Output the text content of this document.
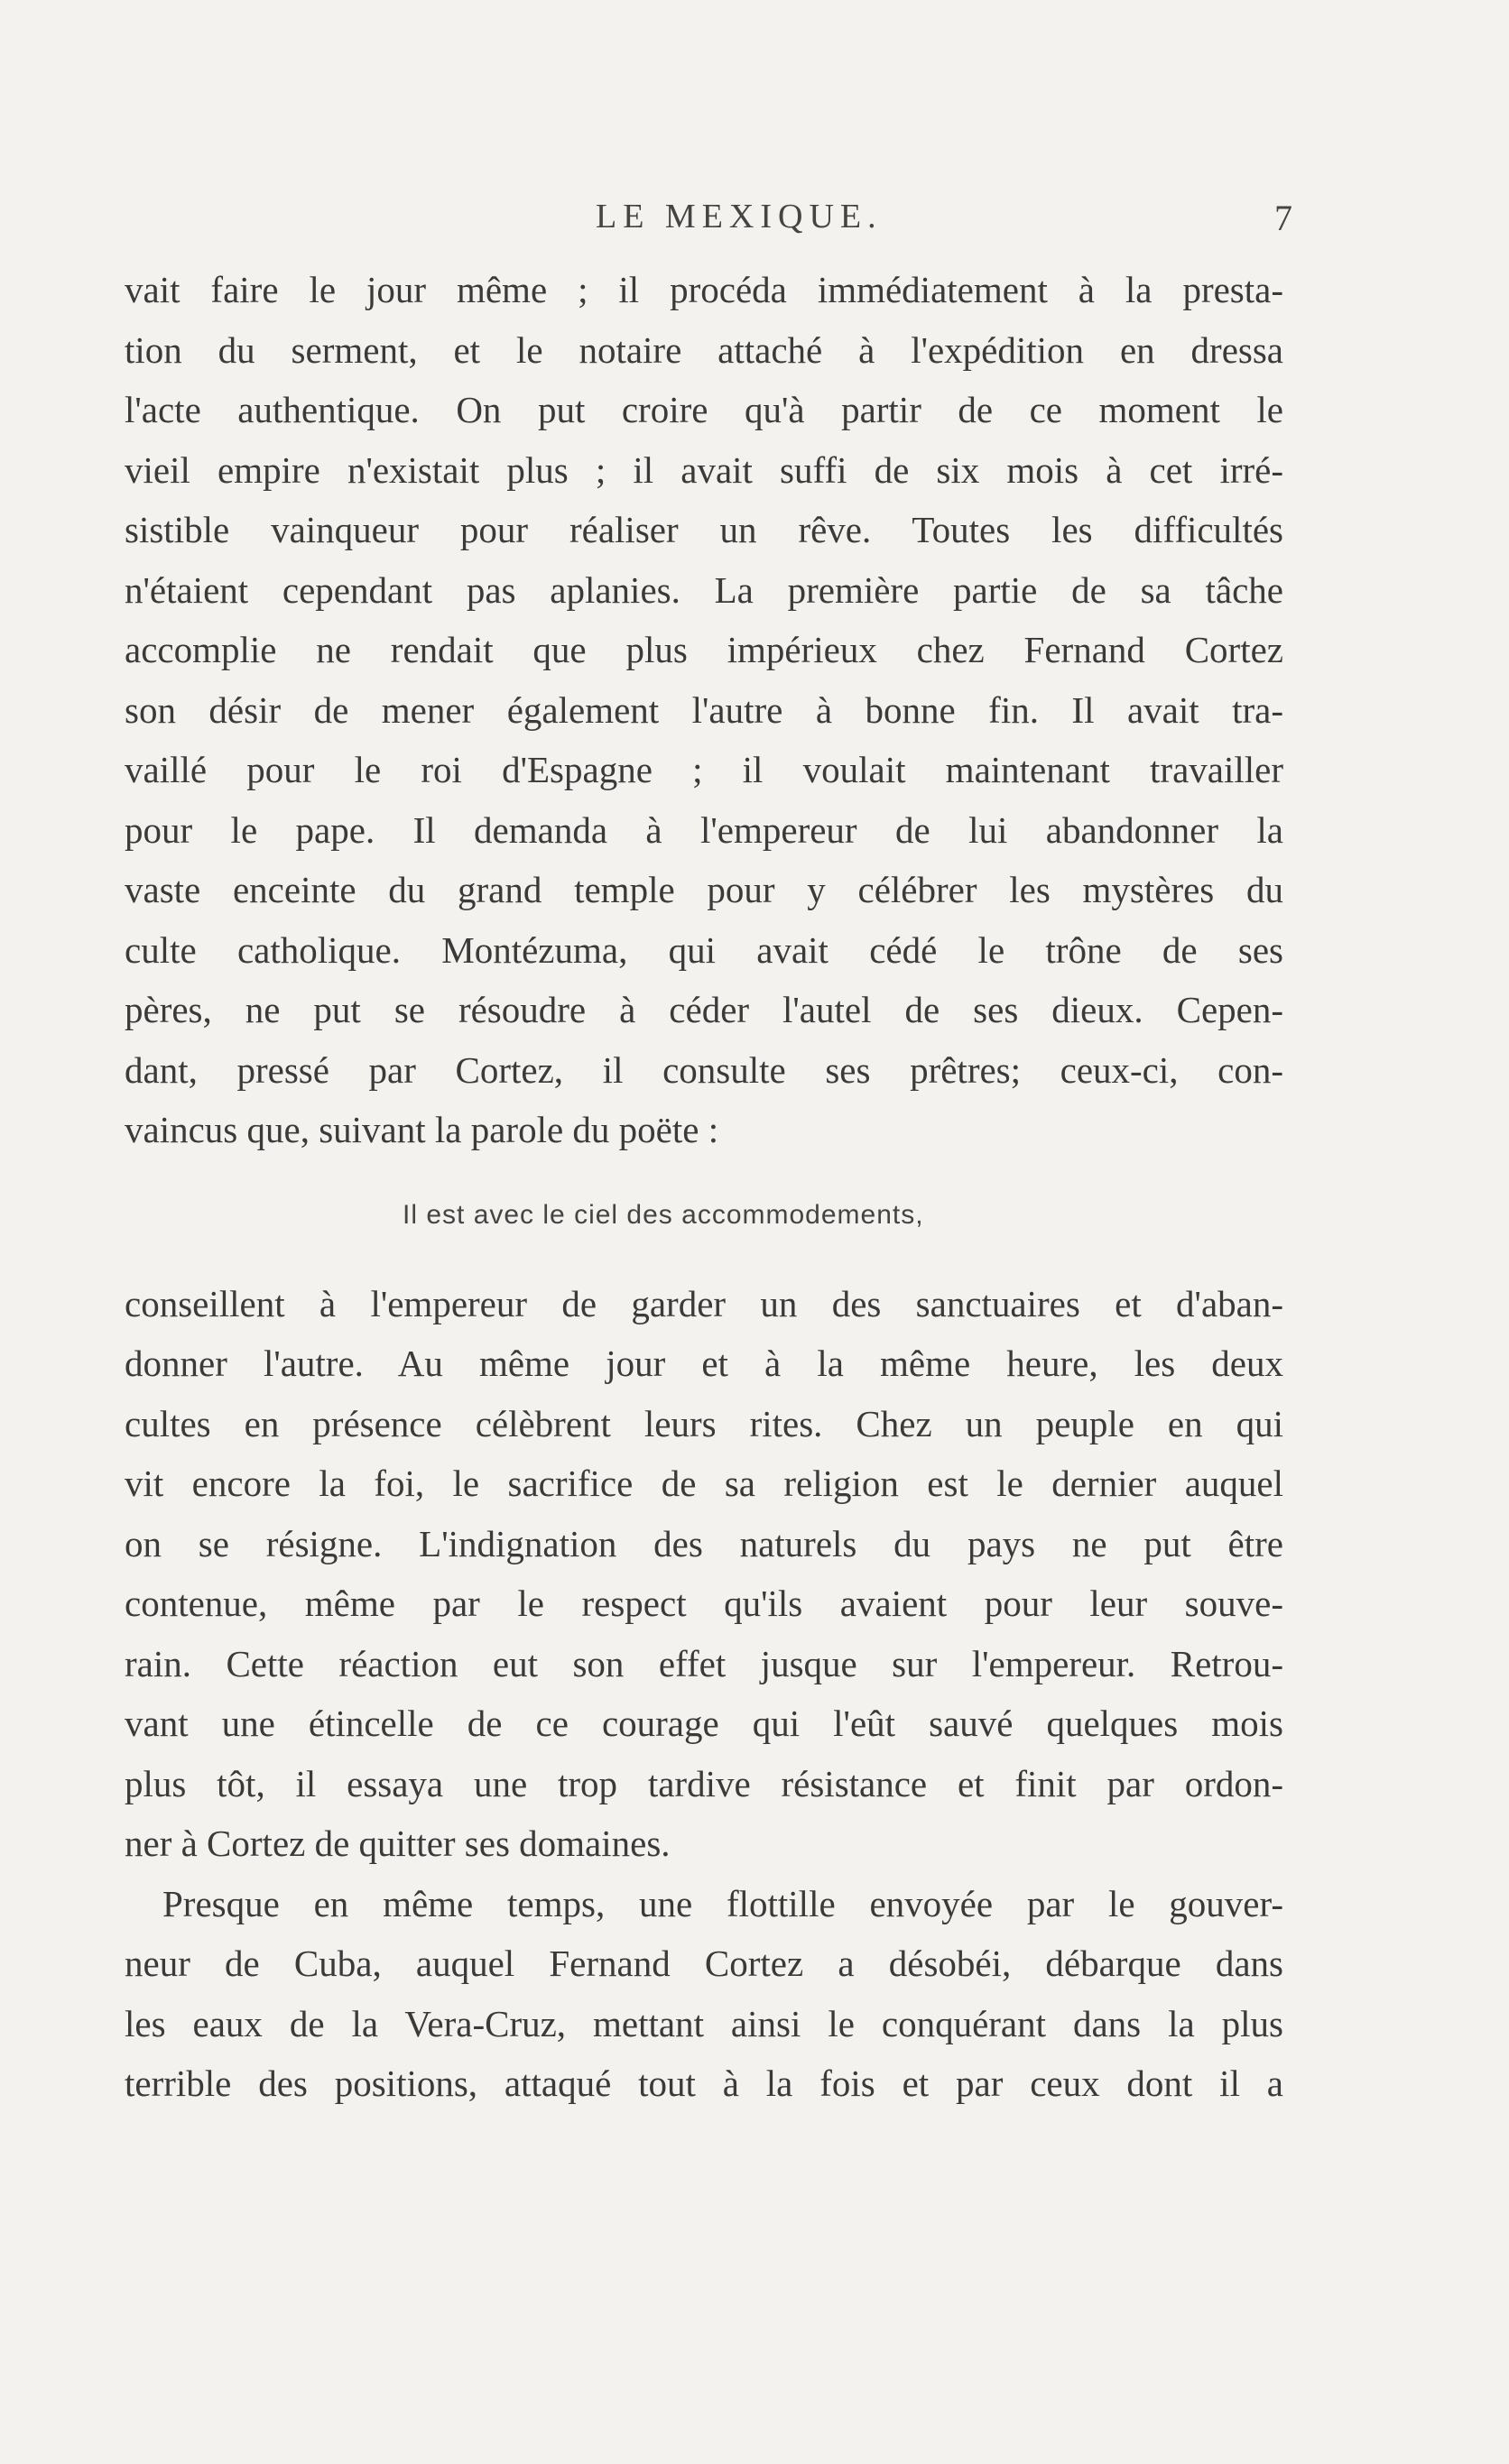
LE MEXIQUE.	7

vait faire le jour même ; il procéda immédiatement à la presta-
tion du serment, et le notaire attaché à l'expédition en dressa
l'acte authentique. On put croire qu'à partir de ce moment le
vieil empire n'existait plus ; il avait suffi de six mois à cet irré-
sistible vainqueur pour réaliser un rêve. Toutes les difficultés
n'étaient cependant pas aplanies. La première partie de sa tâche
accomplie ne rendait que plus impérieux chez Fernand Cortez
son désir de mener également l'autre à bonne fin. Il avait tra-
vaillé pour le roi d'Espagne ; il voulait maintenant travailler
pour le pape. Il demanda à l'empereur de lui abandonner la
vaste enceinte du grand temple pour y célébrer les mystères du
culte catholique. Montézuma, qui avait cédé le trône de ses
pères, ne put se résoudre à céder l'autel de ses dieux. Cepen-
dant, pressé par Cortez, il consulte ses prêtres; ceux-ci, con-
vaincus que, suivant la parole du poëte :

Il est avec le ciel des accommodements,

conseillent à l'empereur de garder un des sanctuaires et d'aban-
donner l'autre. Au même jour et à la même heure, les deux
cultes en présence célèbrent leurs rites. Chez un peuple en qui
vit encore la foi, le sacrifice de sa religion est le dernier auquel
on se résigne. L'indignation des naturels du pays ne put être
contenue, même par le respect qu'ils avaient pour leur souve-
rain. Cette réaction eut son effet jusque sur l'empereur. Retrou-
vant une étincelle de ce courage qui l'eût sauvé quelques mois
plus tôt, il essaya une trop tardive résistance et finit par ordon-
ner à Cortez de quitter ses domaines.

Presque en même temps, une flottille envoyée par le gouver-
neur de Cuba, auquel Fernand Cortez a désobéi, débarque dans
les eaux de la Vera-Cruz, mettant ainsi le conquérant dans la plus
terrible des positions, attaqué tout à la fois et par ceux dont il a
